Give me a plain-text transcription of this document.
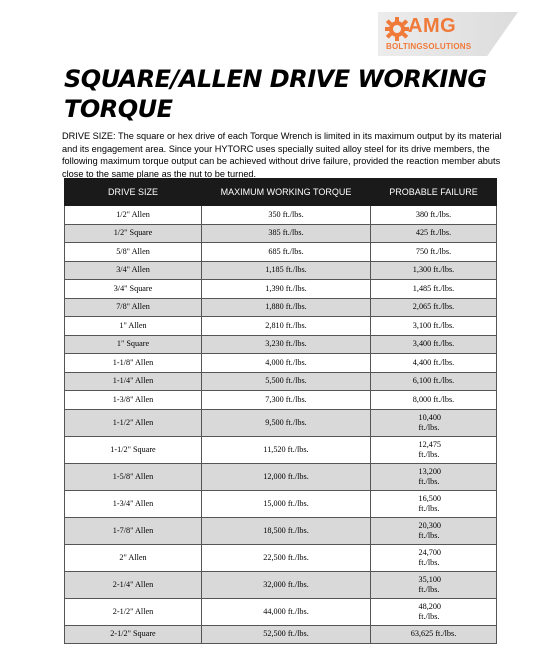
AMG
BOLTINGSOLUTIONS
SQUARE/ALLEN DRIVE WORKING TORQUE
DRIVE SIZE: The square or hex drive of each Torque Wrench is limited in its maximum output by its material and its engagement area. Since your HYTORC uses specially suited alloy steel for its drive members, the following maximum torque output can be achieved without drive failure, provided the reaction member abuts close to the same plane as the nut to be turned.
DRIVE SIZE	MAXIMUM WORKING TORQUE	PROBABLE FAILURE
1/2" Allen	350 ft./lbs.	380 ft./lbs.
1/2" Square	385 ft./lbs.	425 ft./lbs.
5/8" Allen	685 ft./lbs.	750 ft./lbs.
3/4" Allen	1,185 ft./lbs.	1,300 ft./lbs.
3/4" Square	1,390 ft./lbs.	1,485 ft./lbs.
7/8" Allen	1,880 ft./lbs.	2,065 ft./lbs.
1" Allen	2,810 ft./lbs.	3,100 ft./lbs.
1" Square	3,230 ft./lbs.	3,400 ft./lbs.
1-1/8" Allen	4,000 ft./lbs.	4,400 ft./lbs.
1-1/4" Allen	5,500 ft./lbs.	6,100 ft./lbs.
1-3/8" Allen	7,300 ft./lbs.	8,000 ft./lbs.
1-1/2" Allen	9,500 ft./lbs.	10,400 ft./lbs.
1-1/2" Square	11,520 ft./lbs.	12,475 ft./lbs.
1-5/8" Allen	12,000 ft./lbs.	13,200 ft./lbs.
1-3/4" Allen	15,000 ft./lbs.	16,500 ft./lbs.
1-7/8" Allen	18,500 ft./lbs.	20,300 ft./lbs.
2" Allen	22,500 ft./lbs.	24,700 ft./lbs.
2-1/4" Allen	32,000 ft./lbs.	35,100 ft./lbs.
2-1/2" Allen	44,000 ft./lbs.	48,200 ft./lbs.
2-1/2" Square	52,500 ft./lbs.	63,625 ft./lbs.
